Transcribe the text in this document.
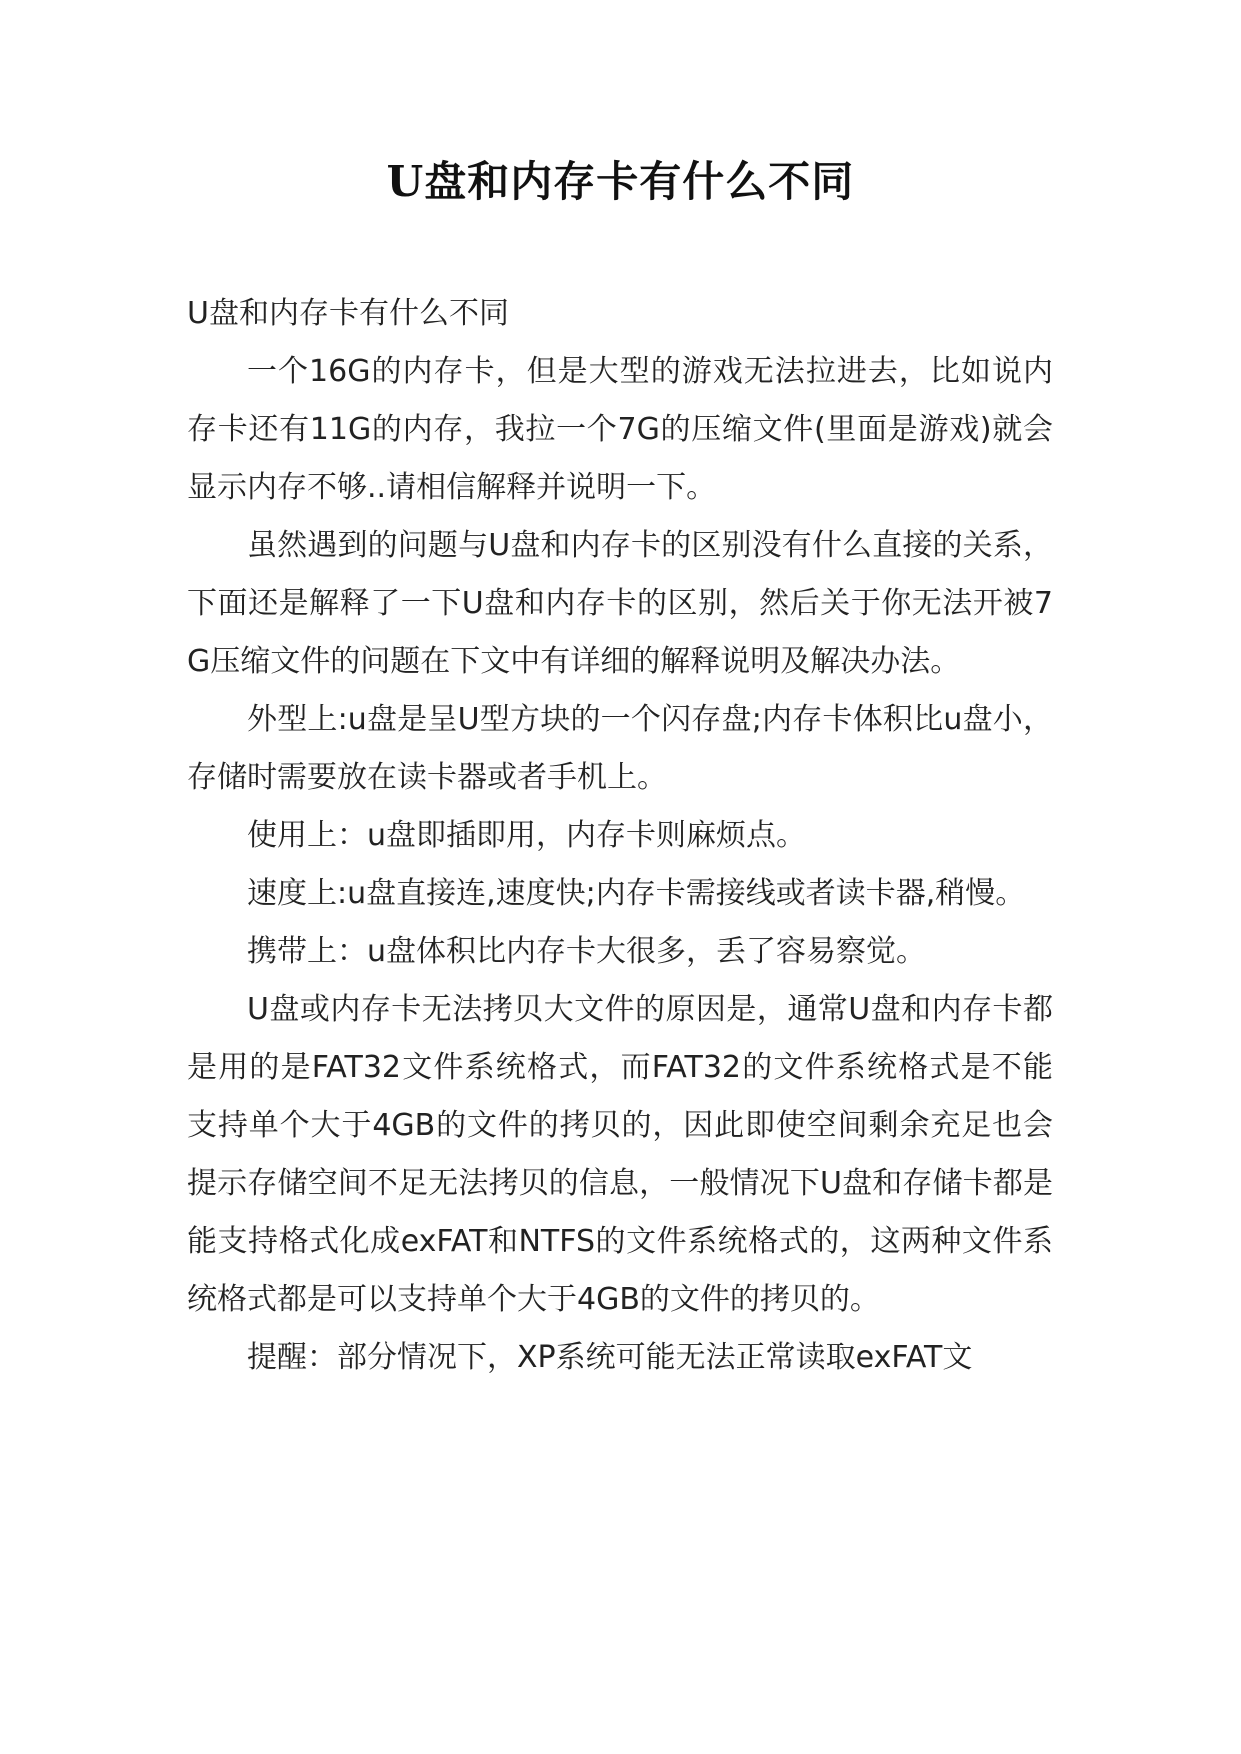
U盘和内存卡有什么不同

U盘和内存卡有什么不同

一个16G的内存卡，但是大型的游戏无法拉进去，比如说内存卡还有11G的内存，我拉一个7G的压缩文件(里面是游戏)就会显示内存不够..请相信解释并说明一下。

虽然遇到的问题与U盘和内存卡的区别没有什么直接的关系，下面还是解释了一下U盘和内存卡的区别，然后关于你无法开被7G压缩文件的问题在下文中有详细的解释说明及解决办法。

外型上:u盘是呈U型方块的一个闪存盘;内存卡体积比u盘小，存储时需要放在读卡器或者手机上。

使用上：u盘即插即用，内存卡则麻烦点。

速度上:u盘直接连,速度快;内存卡需接线或者读卡器,稍慢。

携带上：u盘体积比内存卡大很多，丢了容易察觉。

U盘或内存卡无法拷贝大文件的原因是，通常U盘和内存卡都是用的是FAT32文件系统格式，而FAT32的文件系统格式是不能支持单个大于4GB的文件的拷贝的，因此即使空间剩余充足也会提示存储空间不足无法拷贝的信息，一般情况下U盘和存储卡都是能支持格式化成exFAT和NTFS的文件系统格式的，这两种文件系统格式都是可以支持单个大于4GB的文件的拷贝的。

提醒：部分情况下，XP系统可能无法正常读取exFAT文
